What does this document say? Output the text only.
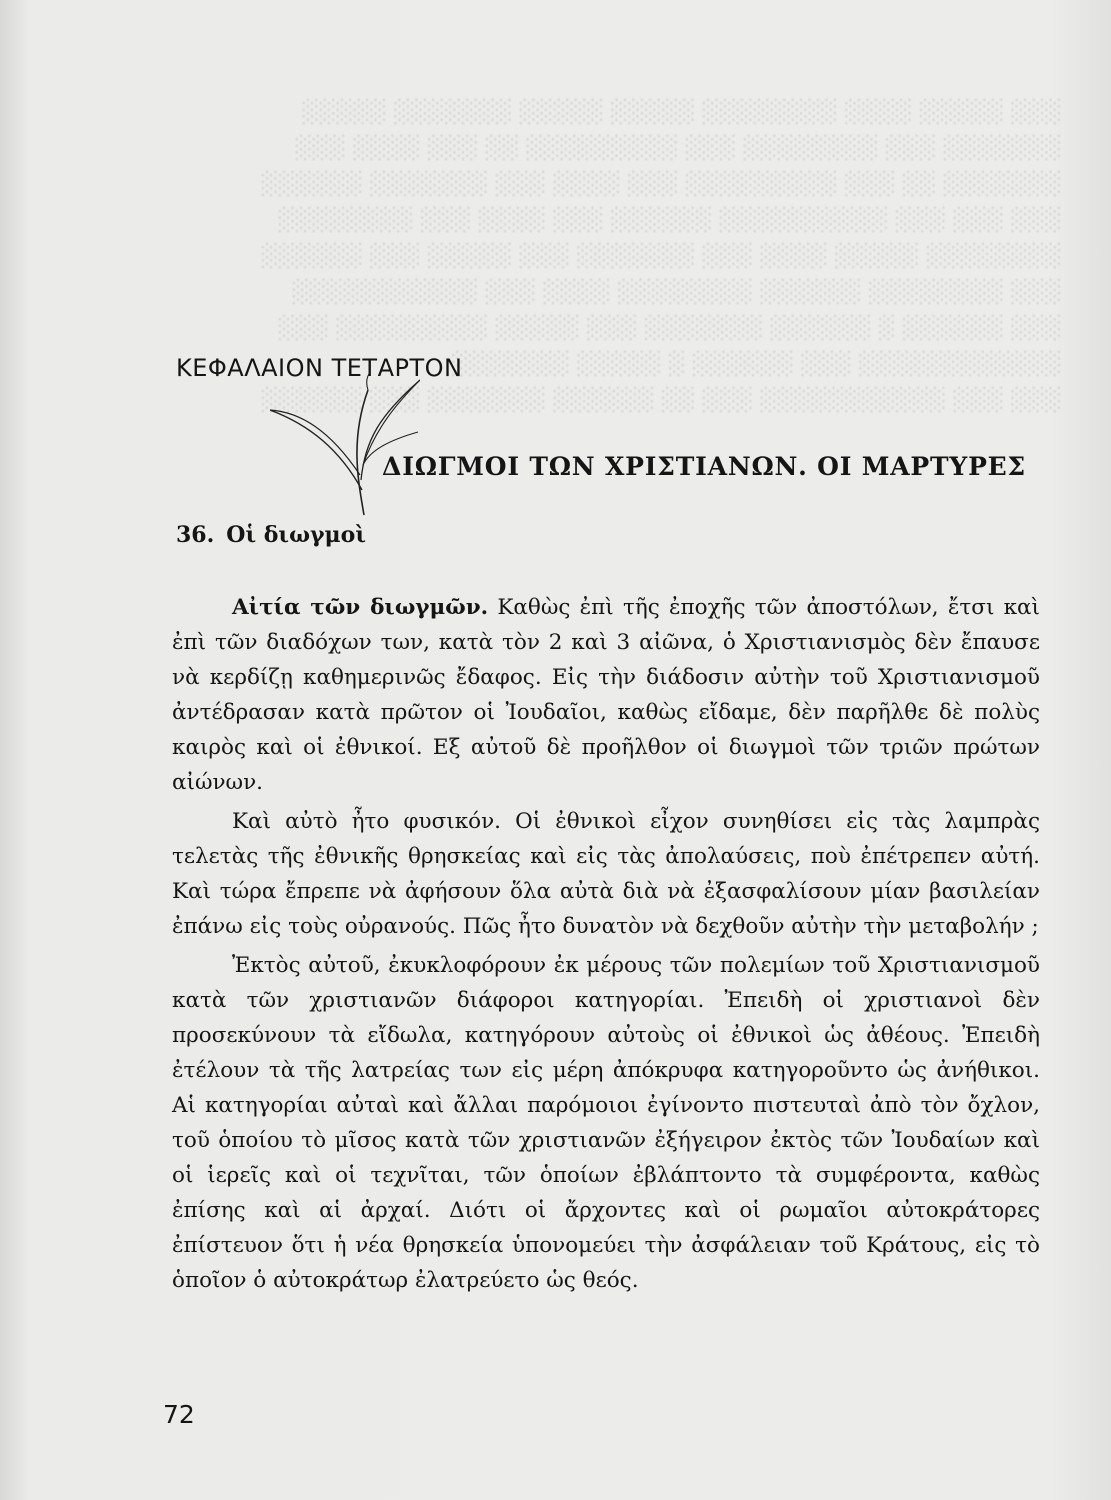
░░░ ░░░░░ ░░░░ ░░░░░░░░ ░░░░░ ░░░░░ ░░░░░░░ ░░░░░
░░░░░░░ ░░░ ░░░░░░░░ ░░░ ░░░░░░░░░ ░░ ░░░ ░░░░ ░░░
░░░░░░░ ░░ ░░░ ░░░░░░░░░ ░░░ ░░░░ ░░░ ░░░░░░░ ░░░░░░
░░░ ░░░ ░░░ ░░░░░░░░░░ ░░░░░░ ░░░ ░░░░ ░░░ ░░░░░░░░
░░░░░░░░ ░░░░░ ░░░░ ░░░ ░░░░░░░ ░░░ ░░░░░ ░░░ ░░░░░░
░░░ ░░░░░░░░ ░░░░░░ ░░░░░░░░ ░░░░ ░░░ ░░░░░░░░░░░
░░░ ░░░░░░ ░ ░░░░░░ ░░░░░░░ ░░░ ░░░░░ ░░░░░░░░░ ░░░
░░░░░░░░░░░░ ░░░ ░░░░░░ ░ ░░░░░ ░░░░░░░
░░░ ░░░ ░░░░░░░░░░░ ░░░ ░░ ░░░░░░ ░░░░░░░ ░░░ ░░░░░░
ΚΕΦΑΛΑΙΟΝ ΤΕΤΑΡΤΟΝ
ΔΙΩΓΜΟΙ ΤΩΝ ΧΡΙΣΤΙΑΝΩΝ. ΟΙ ΜΑΡΤΥΡΕΣ
36. Οἱ διωγμοὶ

Αἰτία τῶν διωγμῶν. Καθὼς ἐπὶ τῆς ἐποχῆς τῶν ἀποστόλων, ἔτσι καὶ ἐπὶ τῶν διαδόχων των, κατὰ τὸν 2 καὶ 3 αἰῶνα, ὁ Χριστιανισμὸς δὲν ἔπαυσε νὰ κερδίζῃ καθημερινῶς ἔδαφος. Εἰς τὴν διάδοσιν αὐτὴν τοῦ Χριστιανισμοῦ ἀντέδρασαν κατὰ πρῶτον οἱ Ἰουδαῖοι, καθὼς εἴδαμε, δὲν παρῆλθε δὲ πολὺς καιρὸς καὶ οἱ ἐθνικοί. Εξ αὐτοῦ δὲ προῆλθον οἱ διωγμοὶ τῶν τριῶν πρώτων αἰώνων.

Καὶ αὐτὸ ἦτο φυσικόν. Οἱ ἐθνικοὶ εἶχον συνηθίσει εἰς τὰς λαμπρὰς τελετὰς τῆς ἐθνικῆς θρησκείας καὶ εἰς τὰς ἀπολαύσεις, ποὺ ἐπέτρεπεν αὐτή. Καὶ τώρα ἔπρεπε νὰ ἀφήσουν ὅλα αὐτὰ διὰ νὰ ἐξασφαλίσουν μίαν βασιλείαν ἐπάνω εἰς τοὺς οὐρανούς. Πῶς ἦτο δυνατὸν νὰ δεχθοῦν αὐτὴν τὴν μεταβολήν ;

Ἐκτὸς αὐτοῦ, ἐκυκλοφόρουν ἐκ μέρους τῶν πολεμίων τοῦ Χριστιανισμοῦ κατὰ τῶν χριστιανῶν διάφοροι κατηγορίαι. Ἐπειδὴ οἱ χριστιανοὶ δὲν προσεκύνουν τὰ εἴδωλα, κατηγόρουν αὐτοὺς οἱ ἐθνικοὶ ὡς ἀθέους. Ἐπειδὴ ἐτέλουν τὰ τῆς λατρείας των εἰς μέρη ἀπόκρυφα κατηγοροῦντο ὡς ἀνήθικοι. Αἱ κατηγορίαι αὐταὶ καὶ ἄλλαι παρόμοιοι ἐγίνοντο πιστευταὶ ἀπὸ τὸν ὄχλον, τοῦ ὁποίου τὸ μῖσος κατὰ τῶν χριστιανῶν ἐξήγειρον ἐκτὸς τῶν Ἰουδαίων καὶ οἱ ἱερεῖς καὶ οἱ τεχνῖται, τῶν ὁποίων ἐβλάπτοντο τὰ συμφέροντα, καθὼς ἐπίσης καὶ αἱ ἀρχαί. Διότι οἱ ἄρχοντες καὶ οἱ ρωμαῖοι αὐτοκράτορες ἐπίστευον ὅτι ἡ νέα θρησκεία ὑπονομεύει τὴν ἀσφάλειαν τοῦ Κράτους, εἰς τὸ ὁποῖον ὁ αὐτοκράτωρ ἐλατρεύετο ὡς θεός.

72
